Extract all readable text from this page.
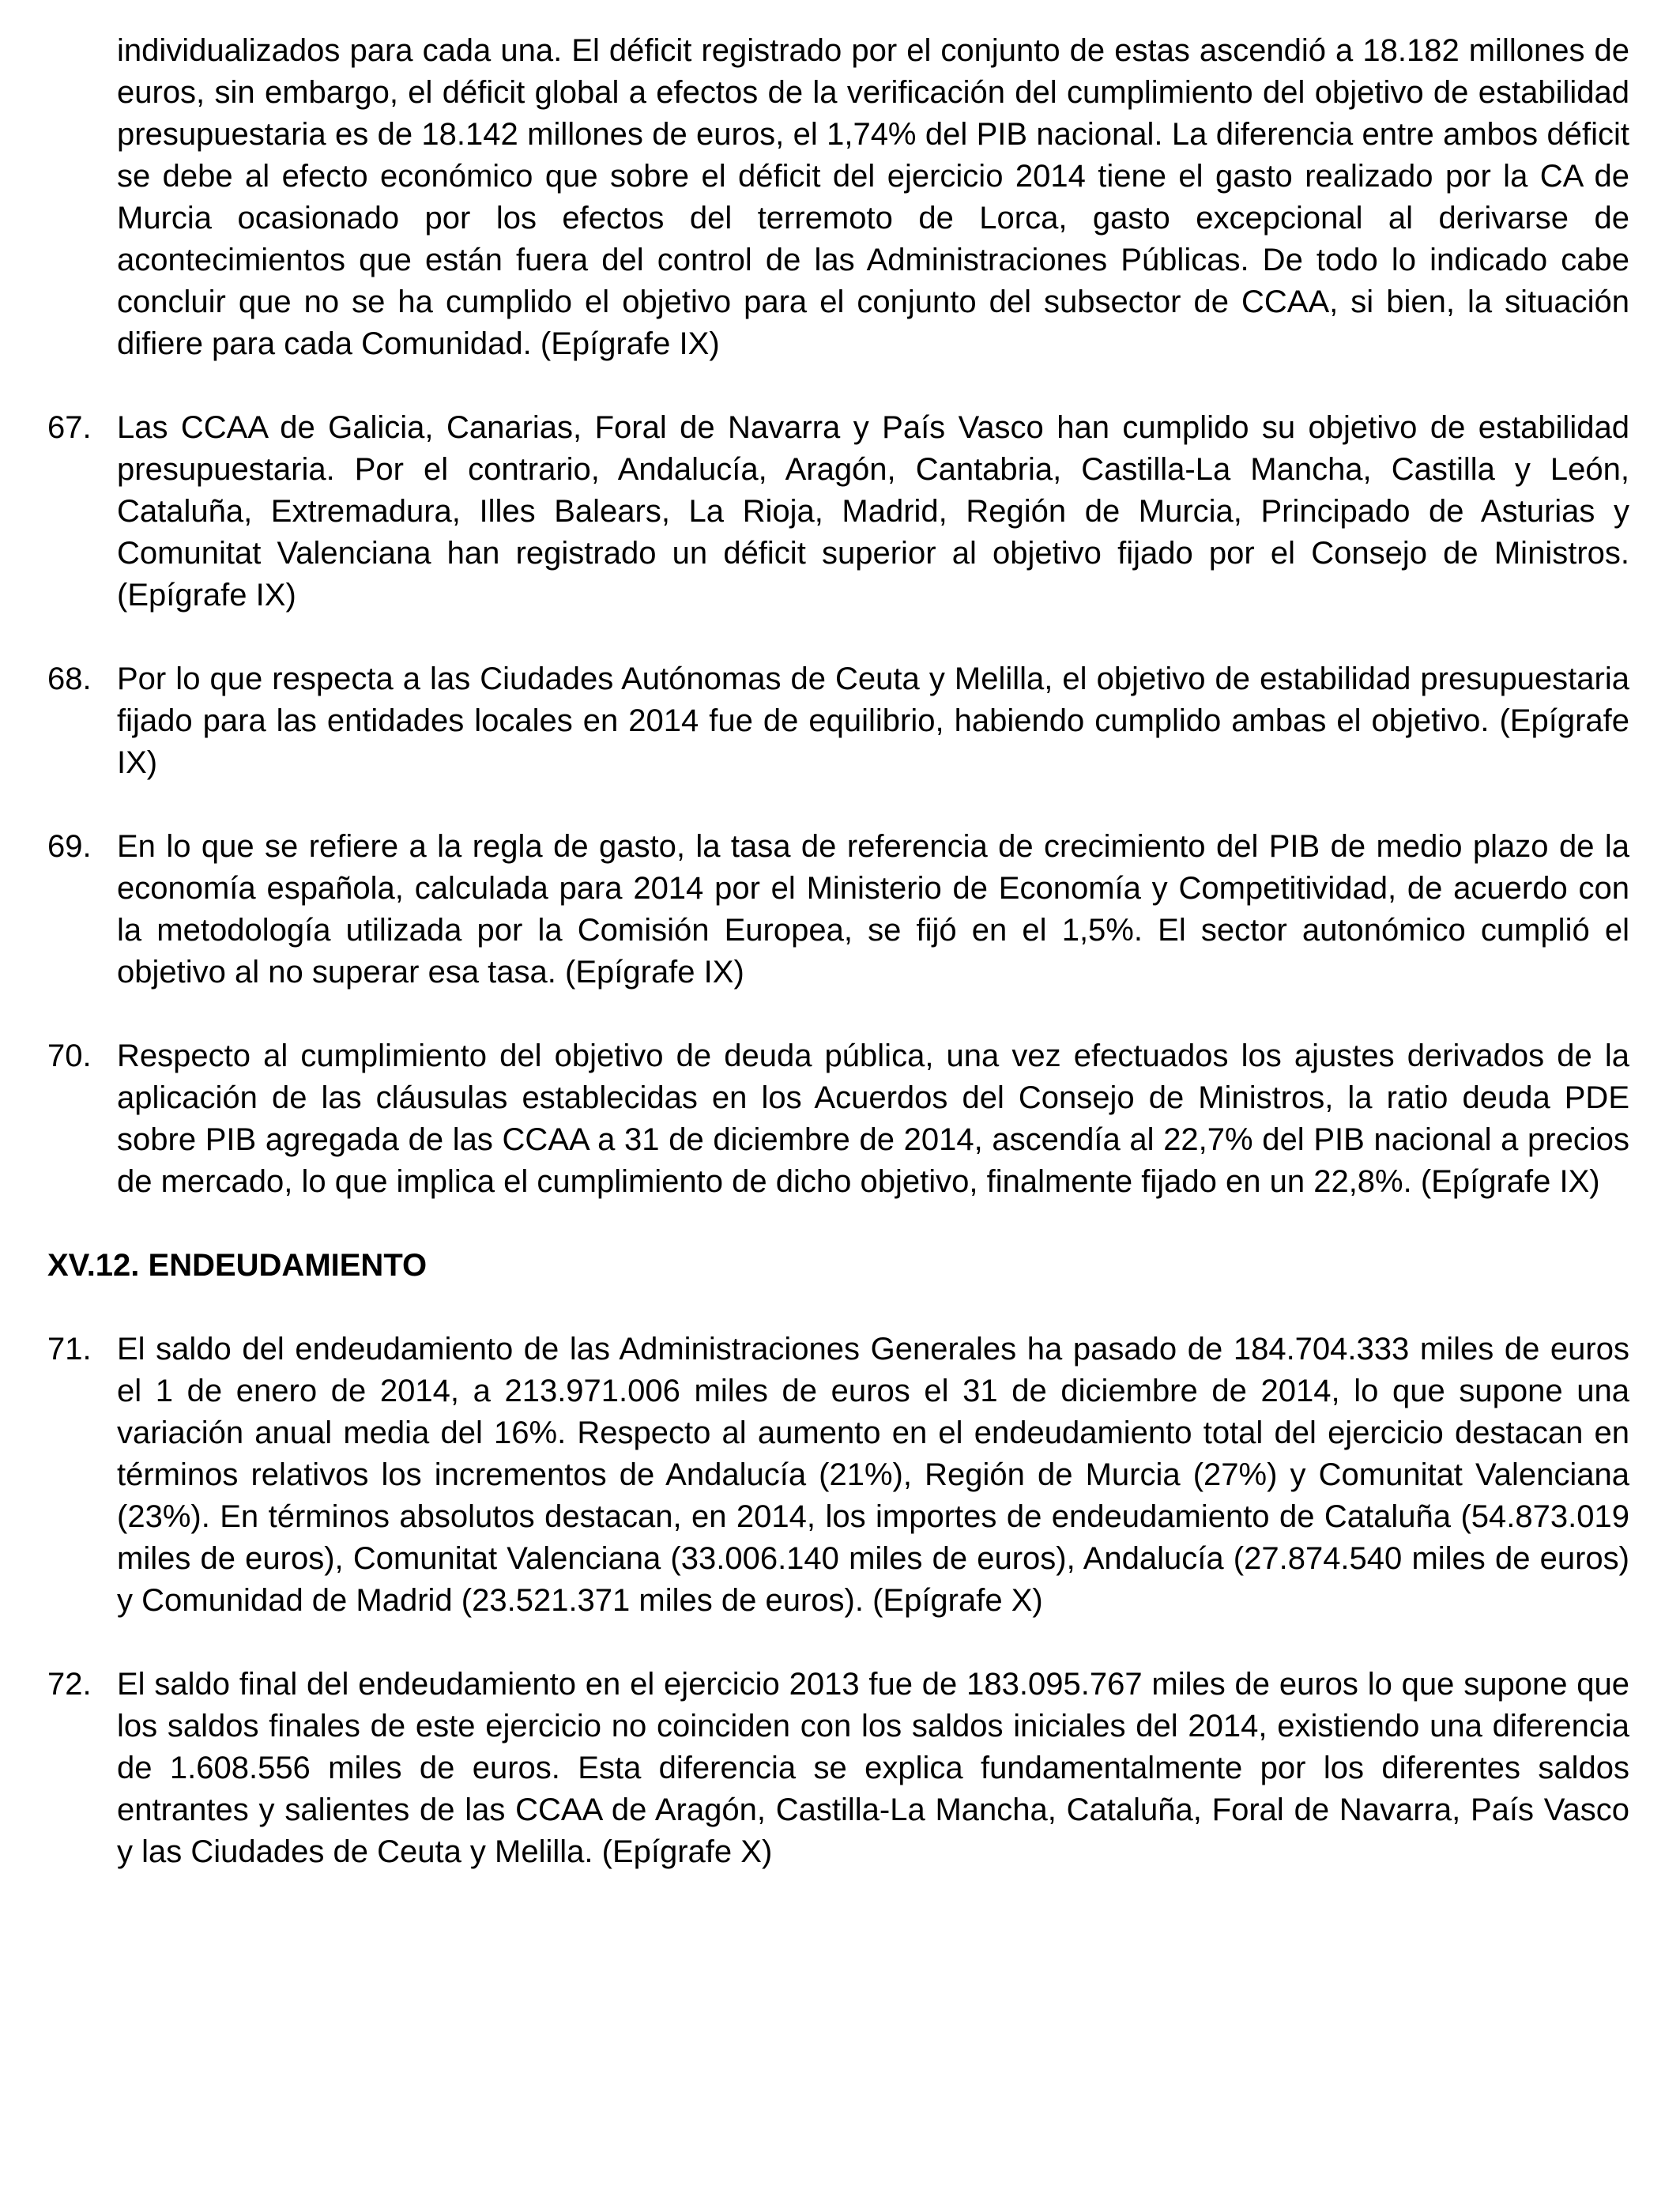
individualizados para cada una. El déficit registrado por el conjunto de estas ascendió a 18.182 millones de euros, sin embargo, el déficit global a efectos de la verificación del cumplimiento del objetivo de estabilidad presupuestaria es de 18.142 millones de euros, el 1,74% del PIB nacional. La diferencia entre ambos déficit se debe al efecto económico que sobre el déficit del ejercicio 2014 tiene el gasto realizado por la CA de Murcia ocasionado por los efectos del terremoto de Lorca, gasto excepcional al derivarse de acontecimientos que están fuera del control de las Administraciones Públicas. De todo lo indicado cabe concluir que no se ha cumplido el objetivo para el conjunto del subsector de CCAA, si bien, la situación difiere para cada Comunidad. (Epígrafe IX)

67. Las CCAA de Galicia, Canarias, Foral de Navarra y País Vasco han cumplido su objetivo de estabilidad presupuestaria. Por el contrario, Andalucía, Aragón, Cantabria, Castilla-La Mancha, Castilla y León, Cataluña, Extremadura, Illes Balears, La Rioja, Madrid, Región de Murcia, Principado de Asturias y Comunitat Valenciana han registrado un déficit superior al objetivo fijado por el Consejo de Ministros. (Epígrafe IX)

68. Por lo que respecta a las Ciudades Autónomas de Ceuta y Melilla, el objetivo de estabilidad presupuestaria fijado para las entidades locales en 2014 fue de equilibrio, habiendo cumplido ambas el objetivo. (Epígrafe IX)

69. En lo que se refiere a la regla de gasto, la tasa de referencia de crecimiento del PIB de medio plazo de la economía española, calculada para 2014 por el Ministerio de Economía y Competitividad, de acuerdo con la metodología utilizada por la Comisión Europea, se fijó en el 1,5%. El sector autonómico cumplió el objetivo al no superar esa tasa. (Epígrafe IX)

70. Respecto al cumplimiento del objetivo de deuda pública, una vez efectuados los ajustes derivados de la aplicación de las cláusulas establecidas en los Acuerdos del Consejo de Ministros, la ratio deuda PDE sobre PIB agregada de las CCAA a 31 de diciembre de 2014, ascendía al 22,7% del PIB nacional a precios de mercado, lo que implica el cumplimiento de dicho objetivo, finalmente fijado en un 22,8%. (Epígrafe IX)

XV.12. ENDEUDAMIENTO
71. El saldo del endeudamiento de las Administraciones Generales ha pasado de 184.704.333 miles de euros el 1 de enero de 2014, a 213.971.006 miles de euros el 31 de diciembre de 2014, lo que supone una variación anual media del 16%. Respecto al aumento en el endeudamiento total del ejercicio destacan en términos relativos los incrementos de Andalucía (21%), Región de Murcia (27%) y Comunitat Valenciana (23%). En términos absolutos destacan, en 2014, los importes de endeudamiento de Cataluña (54.873.019 miles de euros), Comunitat Valenciana (33.006.140 miles de euros), Andalucía (27.874.540 miles de euros) y Comunidad de Madrid (23.521.371 miles de euros). (Epígrafe X)

72. El saldo final del endeudamiento en el ejercicio 2013 fue de 183.095.767 miles de euros lo que supone que los saldos finales de este ejercicio no coinciden con los saldos iniciales del 2014, existiendo una diferencia de 1.608.556 miles de euros. Esta diferencia se explica fundamentalmente por los diferentes saldos entrantes y salientes de las CCAA de Aragón, Castilla-La Mancha, Cataluña, Foral de Navarra, País Vasco y las Ciudades de Ceuta y Melilla. (Epígrafe X)
